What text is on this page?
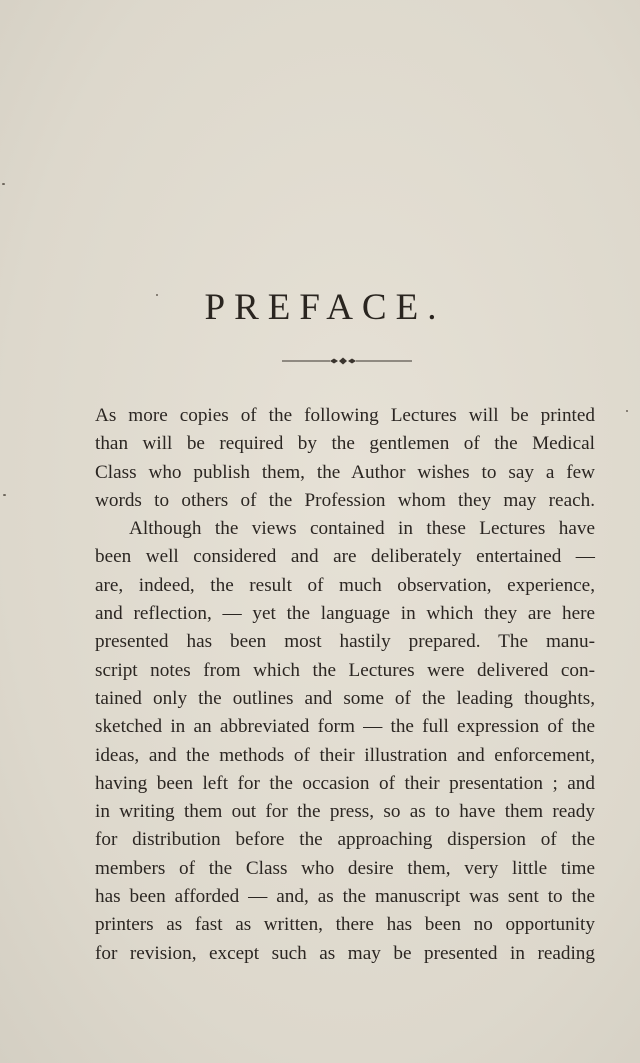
PREFACE.

As more copies of the following Lectures will be printed

than will be required by the gentlemen of the Medical

Class who publish them, the Author wishes to say a few

words to others of the Profession whom they may reach.

Although the views contained in these Lectures have

been well considered and are deliberately entertained —

are, indeed, the result of much observation, experience,

and reflection, — yet the language in which they are here

presented has been most hastily prepared. The manu-

script notes from which the Lectures were delivered con-

tained only the outlines and some of the leading thoughts,

sketched in an abbreviated form — the full expression of the

ideas, and the methods of their illustration and enforcement,

having been left for the occasion of their presentation ; and

in writing them out for the press, so as to have them ready

for distribution before the approaching dispersion of the

members of the Class who desire them, very little time

has been afforded — and, as the manuscript was sent to the

printers as fast as written, there has been no opportunity

for revision, except such as may be presented in reading
